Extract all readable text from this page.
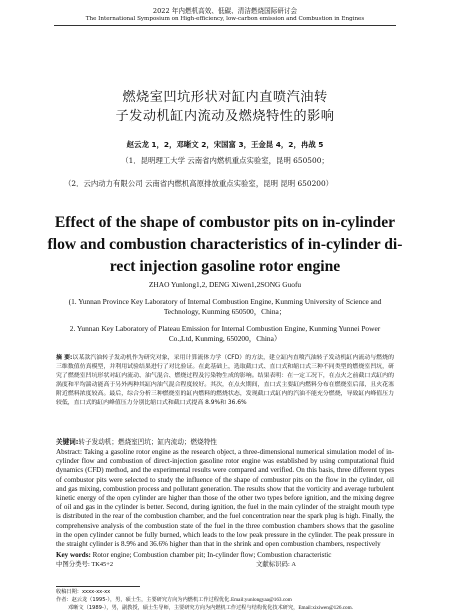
2022 年内燃机高效、低碳、清洁燃烧国际研讨会
The International Symposium on High-efficiency, low-carbon emission and Combustion in Engines
燃烧室凹坑形状对缸内直喷汽油转
子发动机缸内流动及燃烧特性的影响
赵云龙 1，2，邓晰文 2，宋国富 3，王金昆 4，2，冉战 5
（1．昆明理工大学 云南省内燃机重点实验室，昆明 650500；
（2．云内动力有限公司 云南省内燃机高原排放重点实验室，昆明 昆明 650200）
Effect of the shape of combustor pits on in-cylinder
flow and combustion characteristics of in-cylinder di-
rect injection gasoline rotor engine
ZHAO Yunlong1,2, DENG Xiwen1,2SONG Guofu
(1. Yunnan Province Key Laboratory of Internal Combustion Engine, Kunming University of Science and Technology, Kunming 650500，China；
2. Yunnan Key Laboratory of Plateau Emission for Internal Combustion Engine, Kunming Yunnei Power Co.,Ltd, Kunming, 650200，China）
摘 要:以某款汽油转子发动机作为研究对象，采用计算流体力学（CFD）的方法，建立缸内直喷汽油转子发动机缸内流动与燃烧的三维数值仿真模型，并利用试验结果进行了对比验证。在此基础上，选取截口式、直口式和缩口式三种不同类型的燃烧室凹坑，研究了燃烧室凹坑形状对缸内流动、油气混合、燃烧过程及污染物生成的影响。结果表明：在一定工况下，在点火之前截口式缸内的涡度和平均湍动能高于另外两种其缸内油气混合程度较好。其次，在点火期间，直口式主要缸内燃料分布在燃烧室后部，且火花塞附近燃料浓度较高。最后，综合分析三种燃烧室的缸内燃料的燃烧状态，发现截口式缸内的汽油不能充分燃烧，导致缸内峰值压力较低，直口式的缸内峰值压力分别比缩口式和截口式提高 8.9%和 36.6%
关键词:转子发动机；燃烧室凹坑；缸内流动；燃烧特性
Abstract: Taking a gasoline rotor engine as the research object, a three-dimensional numerical simulation model of in-cylinder flow and combustion of direct-injection gasoline rotor engine was established by using computational fluid dynamics (CFD) method, and the experimental results were compared and verified. On this basis, three different types of combustor pits were selected to study the influence of the shape of combustor pits on the flow in the cylinder, oil and gas mixing, combustion process and pollutant generation. The results show that the vorticity and average turbulent kinetic energy of the open cylinder are higher than those of the other two types before ignition, and the mixing degree of oil and gas in the cylinder is better. Second, during ignition, the fuel in the main cylinder of the straight mouth type is distributed in the rear of the combustion chamber, and the fuel concentration near the spark plug is high. Finally, the comprehensive analysis of the combustion state of the fuel in the three combustion chambers shows that the gasoline in the open cylinder cannot be fully burned, which leads to the low peak pressure in the cylinder. The peak pressure in the straight cylinder is 8.9% and 36.6% higher than that in the shrink and open combustion chambers, respectively
Key words: Rotor engine; Combustion chamber pit; In-cylinder flow; Combustion characteristic
中图分类号: TK45+2	文献标识码: A
收稿日期：xxxx-xx-xx
作者：赵云龙（1995-），男，硕士生，主要研究方向为内燃机工作过程优化.Email:yunlongyaa@163.com
邓晰文（1989-），男，副教授，硕士生导师，主要研究方向为内燃机工作过程与结构优化技术研究，Email:xixiwen@126.com.
